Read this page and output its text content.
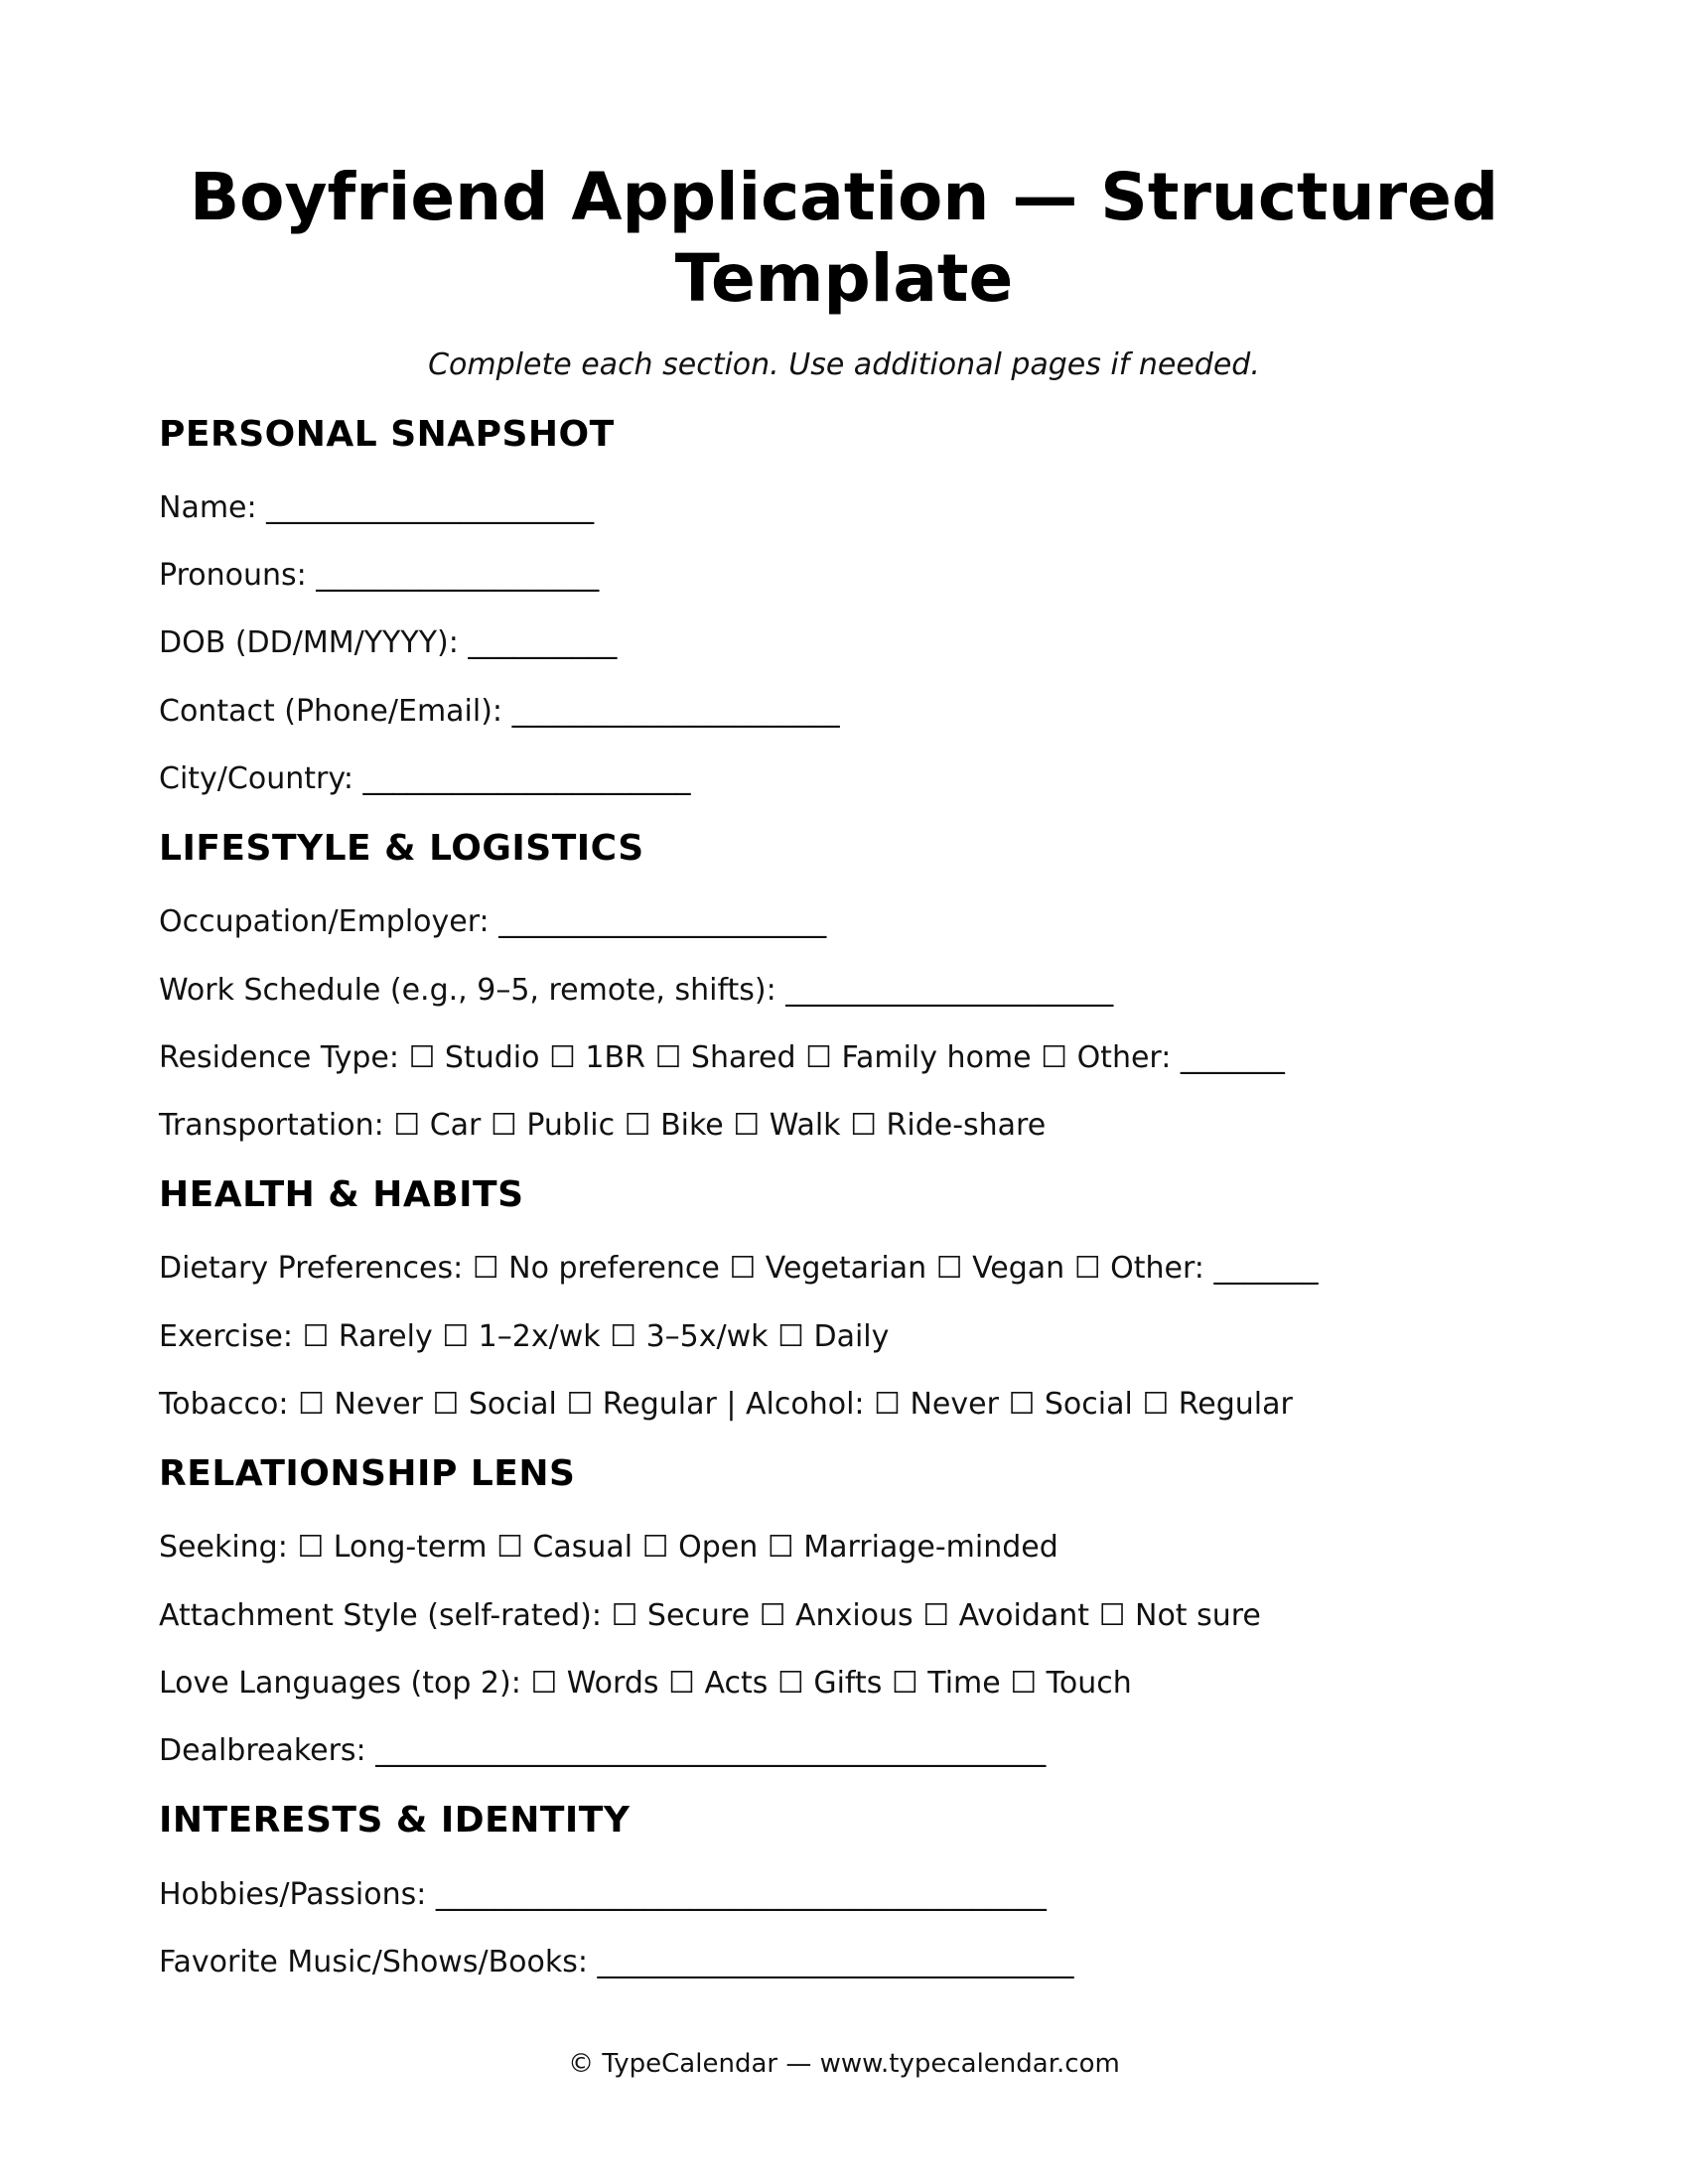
Boyfriend Application — Structured Template

Complete each section. Use additional pages if needed.

PERSONAL SNAPSHOT
Name: ______________________
Pronouns: ___________________
DOB (DD/MM/YYYY): __________
Contact (Phone/Email): ______________________
City/Country: ______________________
LIFESTYLE & LOGISTICS
Occupation/Employer: ______________________
Work Schedule (e.g., 9–5, remote, shifts): ______________________
Residence Type: ☐ Studio ☐ 1BR ☐ Shared ☐ Family home ☐ Other: _______
Transportation: ☐ Car ☐ Public ☐ Bike ☐ Walk ☐ Ride-share
HEALTH & HABITS
Dietary Preferences: ☐ No preference ☐ Vegetarian ☐ Vegan ☐ Other: _______
Exercise: ☐ Rarely ☐ 1–2x/wk ☐ 3–5x/wk ☐ Daily
Tobacco: ☐ Never ☐ Social ☐ Regular | Alcohol: ☐ Never ☐ Social ☐ Regular
RELATIONSHIP LENS
Seeking: ☐ Long-term ☐ Casual ☐ Open ☐ Marriage-minded
Attachment Style (self-rated): ☐ Secure ☐ Anxious ☐ Avoidant ☐ Not sure
Love Languages (top 2): ☐ Words ☐ Acts ☐ Gifts ☐ Time ☐ Touch
Dealbreakers: _____________________________________________
INTERESTS & IDENTITY
Hobbies/Passions: _________________________________________
Favorite Music/Shows/Books: ________________________________
© TypeCalendar — www.typecalendar.com
